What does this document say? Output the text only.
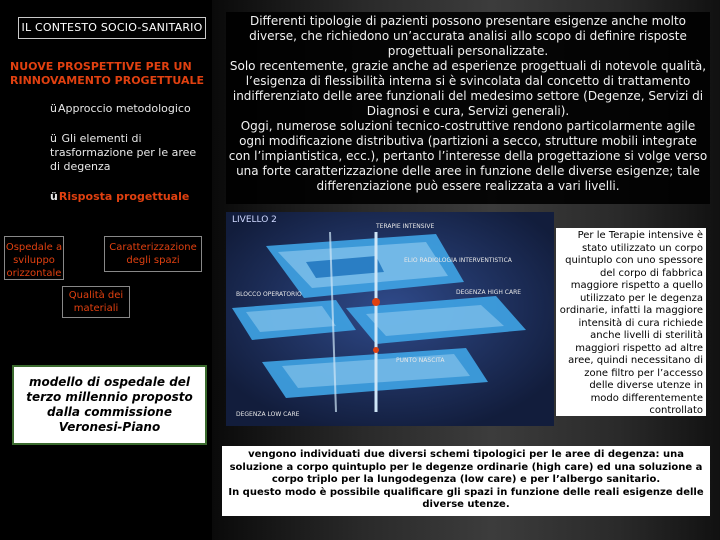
IL CONTESTO SOCIO-SANITARIO
NUOVE PROSPETTIVE PER UN RINNOVAMENTO PROGETTUALE
üApproccio metodologico
ü Gli elementi di trasformazione per le aree di degenza
üRisposta progettuale
Ospedale a sviluppo orizzontale
Caratterizzazione degli spazi
Qualità dei materiali
modello di ospedale del terzo millennio proposto dalla commissione Veronesi-Piano
Differenti tipologie di pazienti possono presentare esigenze anche molto diverse, che richiedono un’accurata analisi allo scopo di definire risposte progettuali personalizzate.
Solo recentemente, grazie anche ad esperienze progettuali di notevole qualità, l’esigenza di flessibilità interna si è svincolata dal concetto di trattamento indifferenziato delle aree funzionali del medesimo settore (Degenze, Servizi di Diagnosi e cura, Servizi generali).
Oggi, numerose soluzioni tecnico-costruttive rendono particolarmente agile ogni modificazione distributiva (partizioni a secco, strutture mobili integrate con l’impiantistica, ecc.), pertanto l’interesse della progettazione si volge verso una forte caratterizzazione delle aree in funzione delle diverse esigenze; tale differenziazione può essere realizzata a vari livelli.
LIVELLO 2
TERAPIE INTENSIVE
ELIO RADIOLOGIA INTERVENTISTICA
DEGENZA HIGH CARE
BLOCCO OPERATORIO
PUNTO NASCITA
DEGENZA LOW CARE
Per le Terapie intensive è stato utilizzato un corpo quintuplo con uno spessore del corpo di fabbrica maggiore rispetto a quello utilizzato per le degenza ordinarie, infatti la maggiore intensità di cura richiede anche livelli di sterilità maggiori rispetto ad altre aree, quindi necessitano di zone filtro per l’accesso delle diverse utenze in modo differentemente controllato
vengono individuati due diversi schemi tipologici per le aree di degenza: una soluzione a corpo quintuplo per le degenze ordinarie (high care) ed una soluzione a corpo triplo per la lungodegenza (low care) e per l’albergo sanitario.
In questo modo è possibile qualificare gli spazi in funzione delle reali esigenze delle diverse utenze.
